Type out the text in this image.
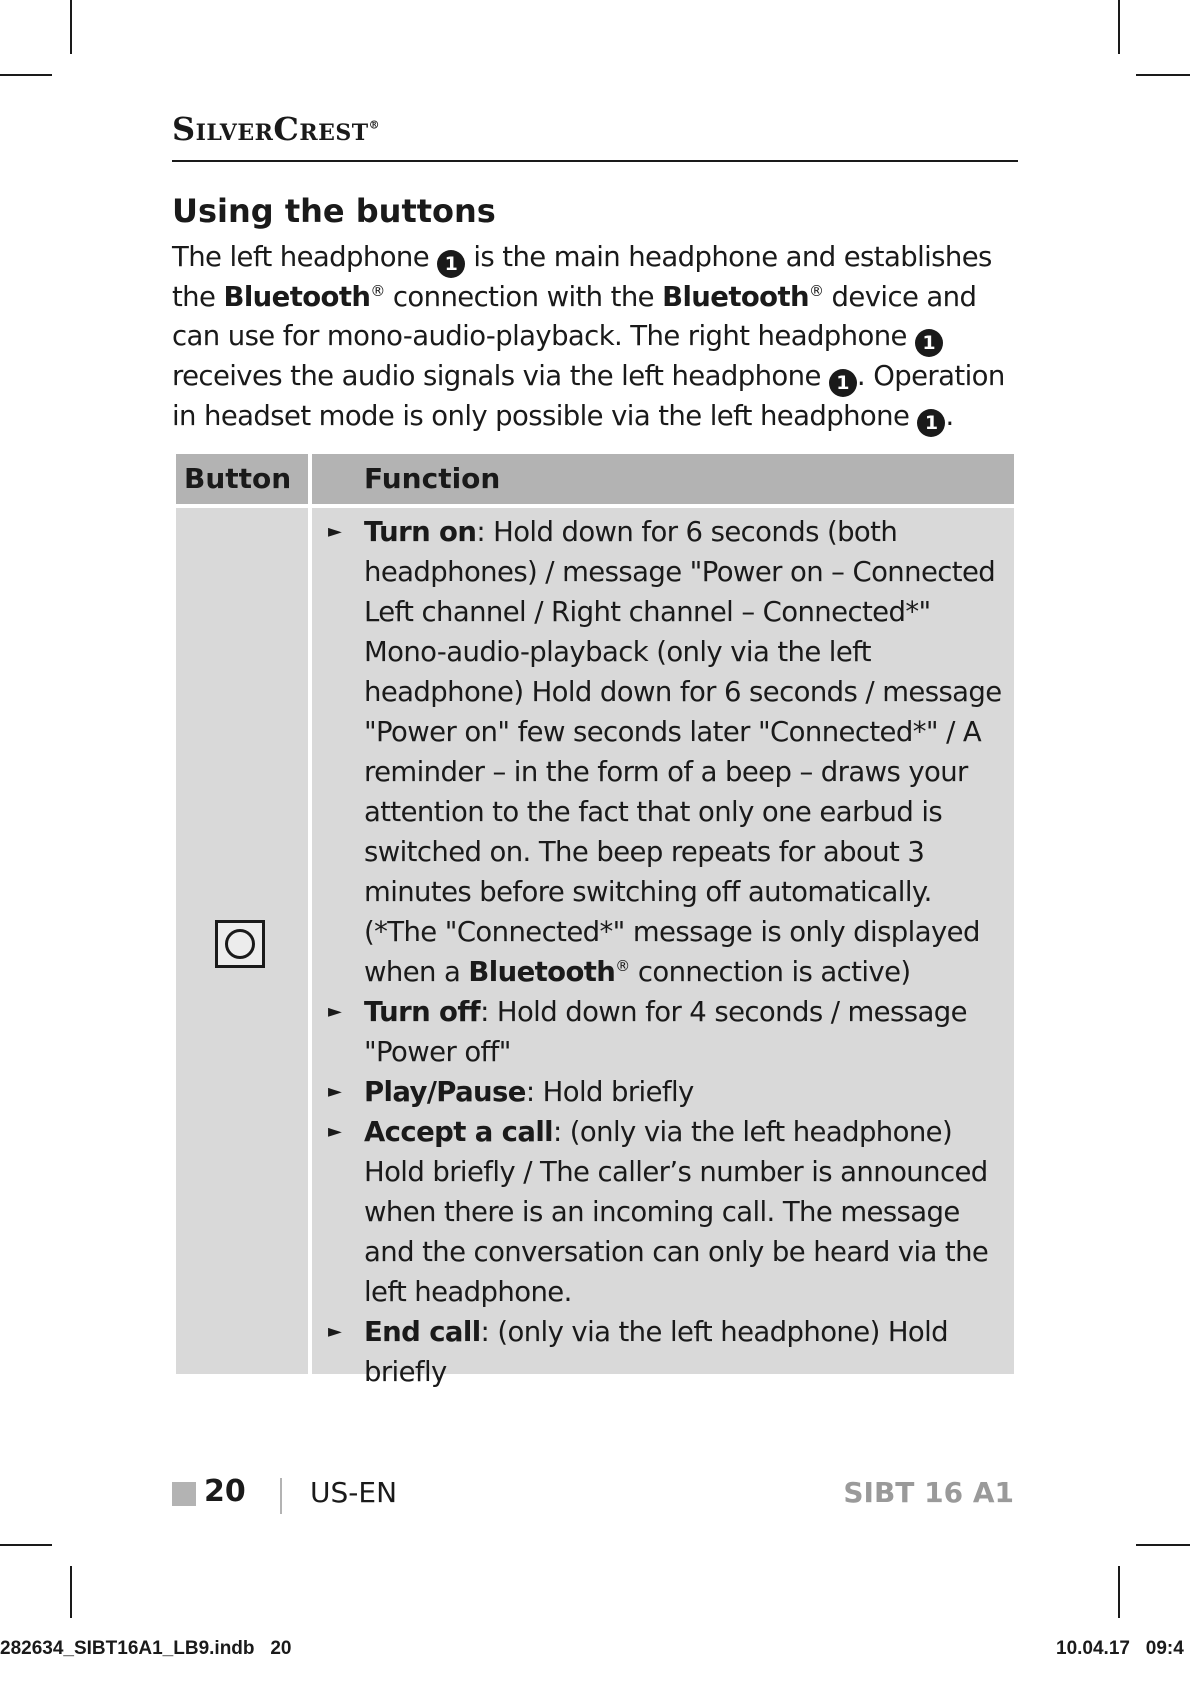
SilverCrest®
Using the buttons

The left headphone 1 is the main headphone and establishes the Bluetooth® connection with the Bluetooth® device and can use for mono-audio-playback. The right headphone 1 receives the audio signals via the left headphone 1 . Operation in headset mode is only possible via the left headphone 1 .

Button	Function
► Turn on: Hold down for 6 seconds (both headphones) / message "Power on – Connected Left channel / Right channel – Connected*" Mono-audio-playback (only via the left headphone) Hold down for 6 seconds / message "Power on" few seconds later "Connected*" / A reminder – in the form of a beep – draws your attention to the fact that only one earbud is switched on. The beep repeats for about 3 minutes before switching off automatically. (*The "Connected*" message is only displayed when a Bluetooth® connection is active)
► Turn off: Hold down for 4 seconds / message "Power off"
► Play/Pause: Hold briefly
► Accept a call: (only via the left headphone) Hold briefly / The caller’s number is announced when there is an incoming call. The message and the conversation can only be heard via the left headphone.
► End call: (only via the left headphone) Hold briefly
20 US-EN	SIBT 16 A1
282634_SIBT16A1_LB9.indb   20	10.04.17   09:4
